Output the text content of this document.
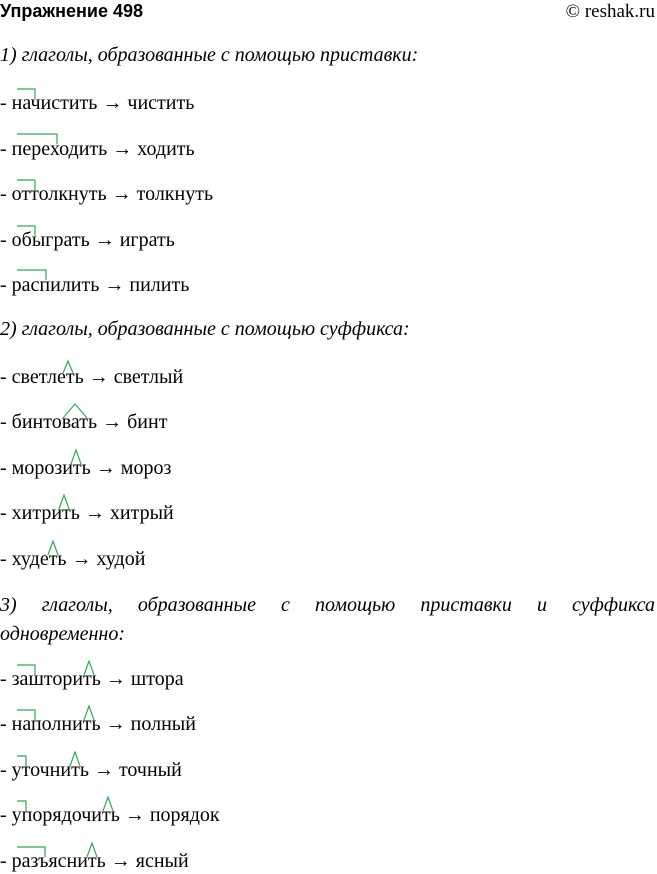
Упражнение 498	© reshak.ru
1) глаголы, образованные с помощью приставки:
- начистить → чистить
- переходить → ходить
- оттолкнуть → толкнуть
- обыграть → играть
- распилить → пилить
2) глаголы, образованные с помощью суффикса:
- светлеть → светлый
- бинтовать → бинт
- морозить → мороз
- хитрить → хитрый
- худеть → худой
3) глаголы, образованные с помощью приставки и суффикса
одновременно:
- зашторить → штора
- наполнить → полный
- уточнить → точный
- упорядочить → порядок
- разъяснить → ясный
